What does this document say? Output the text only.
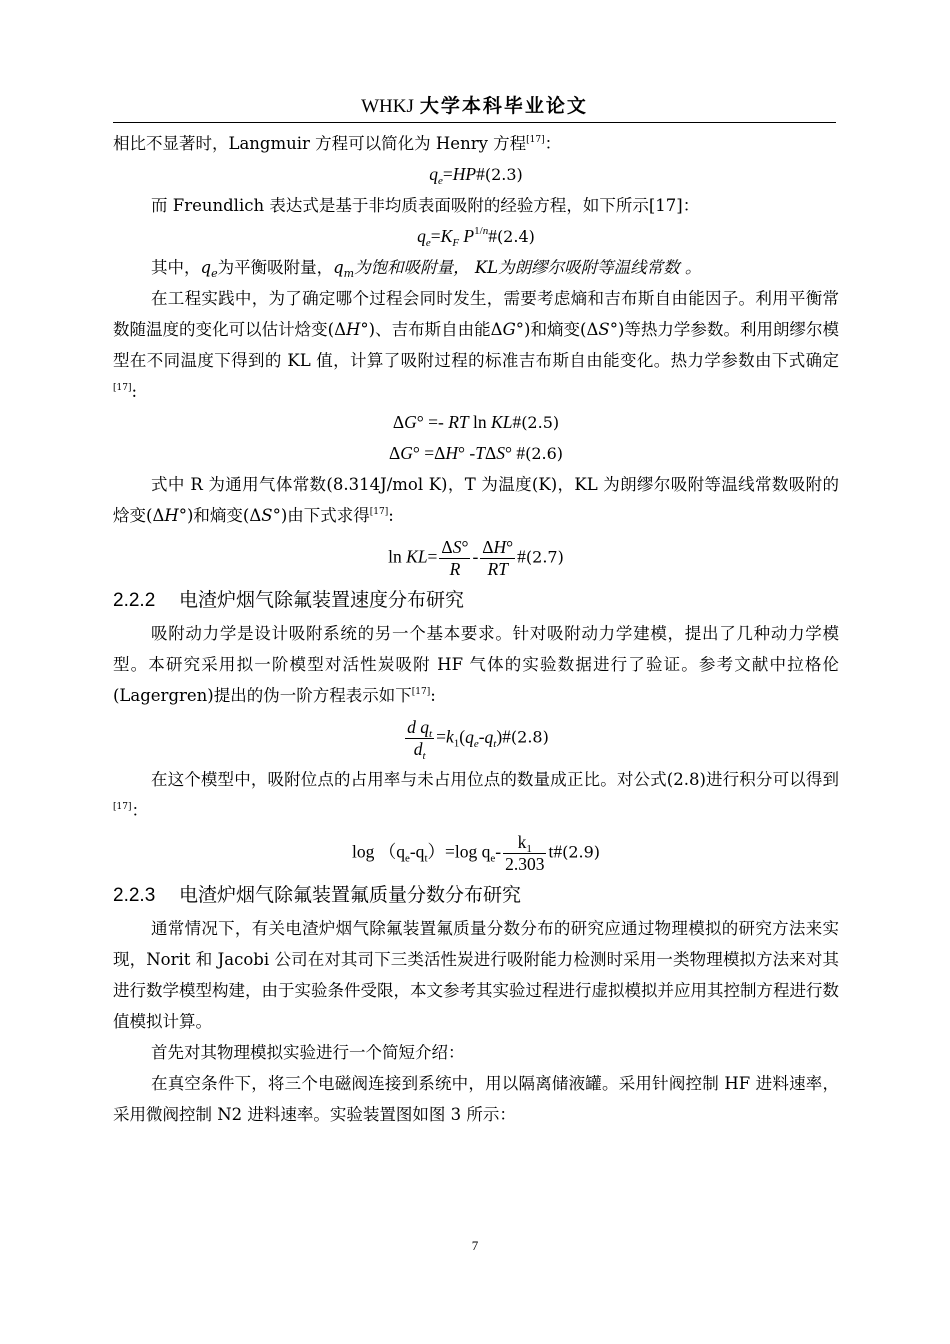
WHKJ 大学本科毕业论文

相比不显著时，Langmuir 方程可以简化为 Henry 方程[17]：

$q_e=HP\#(2.3)$

而 Freundlich 表达式是基于非均质表面吸附的经验方程，如下所示[17]：

$q_e=K_F$ $P^{1/n}\#(2.4)$

其中，$q_e$为平衡吸附量，$q_m$为饱和吸附量， KL为朗缪尔吸附等温线常数 。

在工程实践中，为了确定哪个过程会同时发生，需要考虑熵和吉布斯自由能因子。利用平衡常数随温度的变化可以估计焓变(ΔH°)、吉布斯自由能ΔG°)和熵变(ΔS°)等热力学参数。利用朗缪尔模型在不同温度下得到的 KL 值，计算了吸附过程的标准吉布斯自由能变化。热力学参数由下式确定[17]:

ΔG° =- RT ln KL#(2.5)

ΔG° =ΔH° -TΔS° #(2.6)

式中 R 为通用气体常数(8.314J/mol K)，T 为温度(K)，KL 为朗缪尔吸附等温线常数吸附的焓变(ΔH°)和熵变(ΔS°)由下式求得[17]:

$\ln KL= \frac{\Delta S^\circ}{R} - \frac{\Delta H^\circ}{RT}$ #(2.7)

2.2.2 电渣炉烟气除氟装置速度分布研究

吸附动力学是设计吸附系统的另一个基本要求。针对吸附动力学建模，提出了几种动力学模型。本研究采用拟一阶模型对活性炭吸附 HF 气体的实验数据进行了验证。参考文献中拉格伦(Lagergren)提出的伪一阶方程表示如下[17]:

$\frac{d q_t}{d_t}$ $=k_1(q_e-q_t)\#(2.8)$

在这个模型中，吸附位点的占用率与未占用位点的数量成正比。对公式(2.8)进行积分可以得到[17]：

$\log (q_e-q_t)=\log$ $q_e- \frac{k_1}{2.303}$ t#(2.9)

2.2.3 电渣炉烟气除氟装置氟质量分数分布研究

通常情况下，有关电渣炉烟气除氟装置氟质量分数分布的研究应通过物理模拟的研究方法来实现，Norit 和 Jacobi 公司在对其司下三类活性炭进行吸附能力检测时采用一类物理模拟方法来对其进行数学模型构建，由于实验条件受限，本文参考其实验过程进行虚拟模拟并应用其控制方程进行数值模拟计算。

首先对其物理模拟实验进行一个简短介绍：

在真空条件下，将三个电磁阀连接到系统中，用以隔离储液罐。采用针阀控制 HF 进料速率，采用微阀控制 N2 进料速率。实验装置图如图 3 所示：

7
